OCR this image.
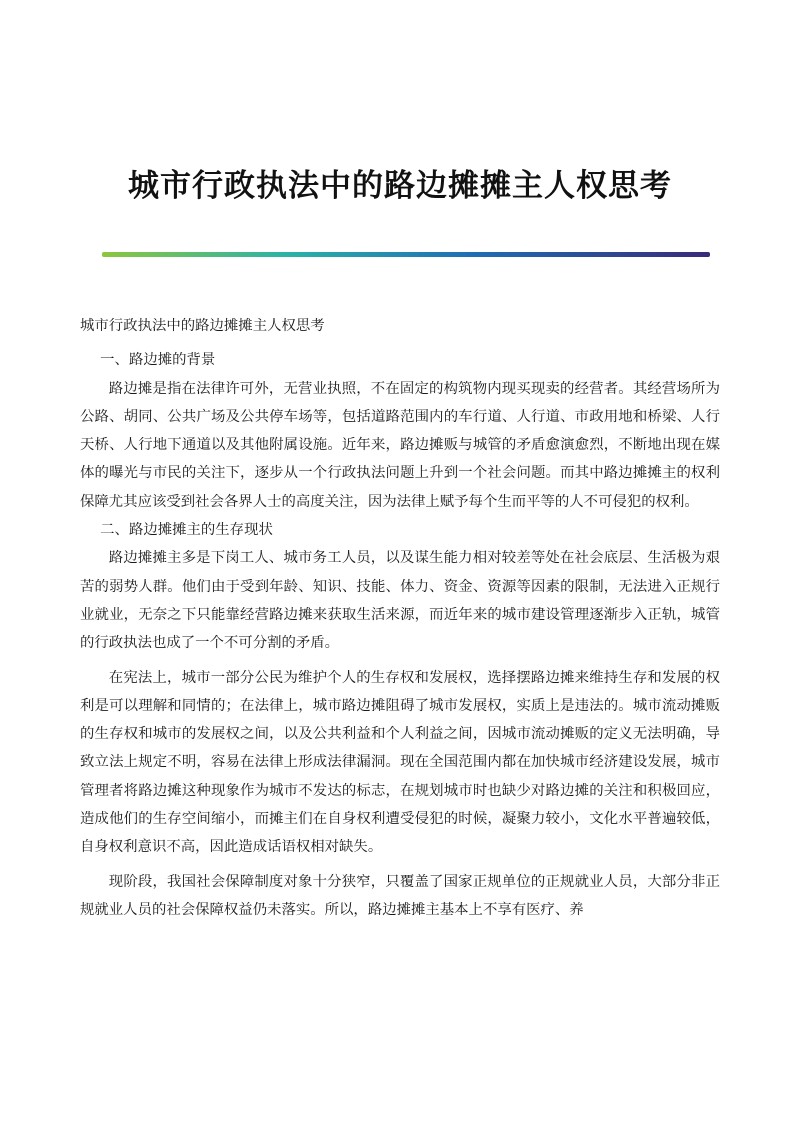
城市行政执法中的路边摊摊主人权思考

城市行政执法中的路边摊摊主人权思考

一、路边摊的背景

路边摊是指在法律许可外，无营业执照，不在固定的构筑物内现买现卖的经营者。其经营场所为公路、胡同、公共广场及公共停车场等，包括道路范围内的车行道、人行道、市政用地和桥梁、人行天桥、人行地下通道以及其他附属设施。近年来，路边摊贩与城管的矛盾愈演愈烈，不断地出现在媒体的曝光与市民的关注下，逐步从一个行政执法问题上升到一个社会问题。而其中路边摊摊主的权利保障尤其应该受到社会各界人士的高度关注，因为法律上赋予每个生而平等的人不可侵犯的权利。

二、路边摊摊主的生存现状

路边摊摊主多是下岗工人、城市务工人员，以及谋生能力相对较差等处在社会底层、生活极为艰苦的弱势人群。他们由于受到年龄、知识、技能、体力、资金、资源等因素的限制，无法进入正规行业就业，无奈之下只能靠经营路边摊来获取生活来源，而近年来的城市建设管理逐渐步入正轨，城管的行政执法也成了一个不可分割的矛盾。

在宪法上，城市一部分公民为维护个人的生存权和发展权，选择摆路边摊来维持生存和发展的权利是可以理解和同情的；在法律上，城市路边摊阻碍了城市发展权，实质上是违法的。城市流动摊贩的生存权和城市的发展权之间，以及公共利益和个人利益之间，因城市流动摊贩的定义无法明确，导致立法上规定不明，容易在法律上形成法律漏洞。现在全国范围内都在加快城市经济建设发展，城市管理者将路边摊这种现象作为城市不发达的标志，在规划城市时也缺少对路边摊的关注和积极回应，造成他们的生存空间缩小，而摊主们在自身权利遭受侵犯的时候，凝聚力较小，文化水平普遍较低，自身权利意识不高，因此造成话语权相对缺失。

现阶段，我国社会保障制度对象十分狭窄，只覆盖了国家正规单位的正规就业人员，大部分非正规就业人员的社会保障权益仍未落实。所以，路边摊摊主基本上不享有医疗、养
